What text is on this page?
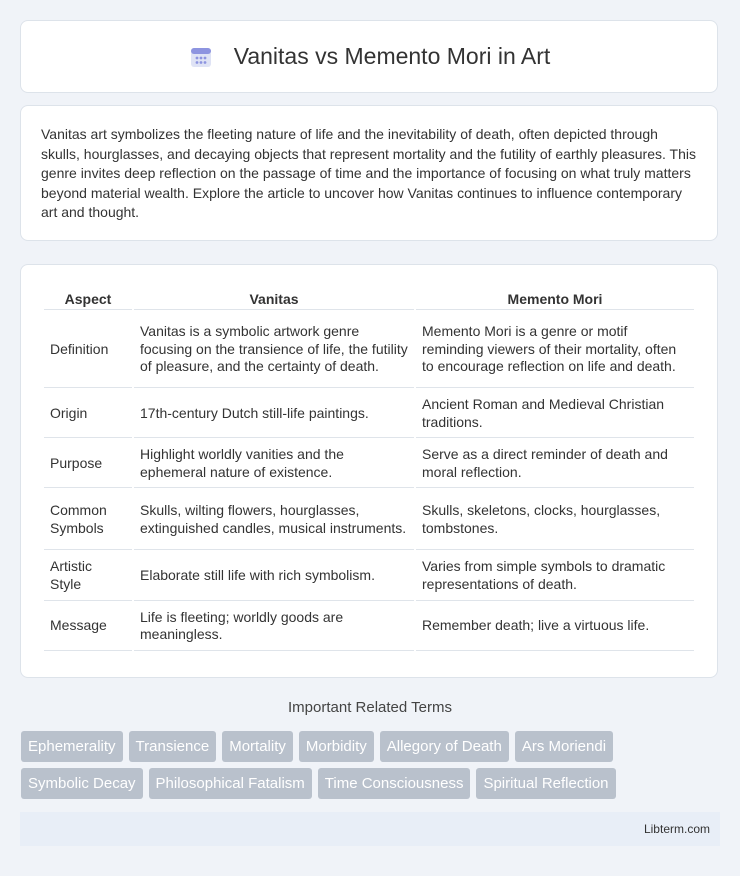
Vanitas vs Memento Mori in Art

Vanitas art symbolizes the fleeting nature of life and the inevitability of death, often depicted through skulls, hourglasses, and decaying objects that represent mortality and the futility of earthly pleasures. This genre invites deep reflection on the passage of time and the importance of focusing on what truly matters beyond material wealth. Explore the article to uncover how Vanitas continues to influence contemporary art and thought.

Aspect	Vanitas	Memento Mori
Definition	Vanitas is a symbolic artwork genre focusing on the transience of life, the futility of pleasure, and the certainty of death.	Memento Mori is a genre or motif reminding viewers of their mortality, often to encourage reflection on life and death.
Origin	17th-century Dutch still-life paintings.	Ancient Roman and Medieval Christian traditions.
Purpose	Highlight worldly vanities and the ephemeral nature of existence.	Serve as a direct reminder of death and moral reflection.
Common Symbols	Skulls, wilting flowers, hourglasses, extinguished candles, musical instruments.	Skulls, skeletons, clocks, hourglasses, tombstones.
Artistic Style	Elaborate still life with rich symbolism.	Varies from simple symbols to dramatic representations of death.
Message	Life is fleeting; worldly goods are meaningless.	Remember death; live a virtuous life.
Important Related Terms
Ephemerality	Transience	Mortality	Morbidity	Allegory of Death	Ars Moriendi
Symbolic Decay	Philosophical Fatalism	Time Consciousness	Spiritual Reflection
Libterm.com
